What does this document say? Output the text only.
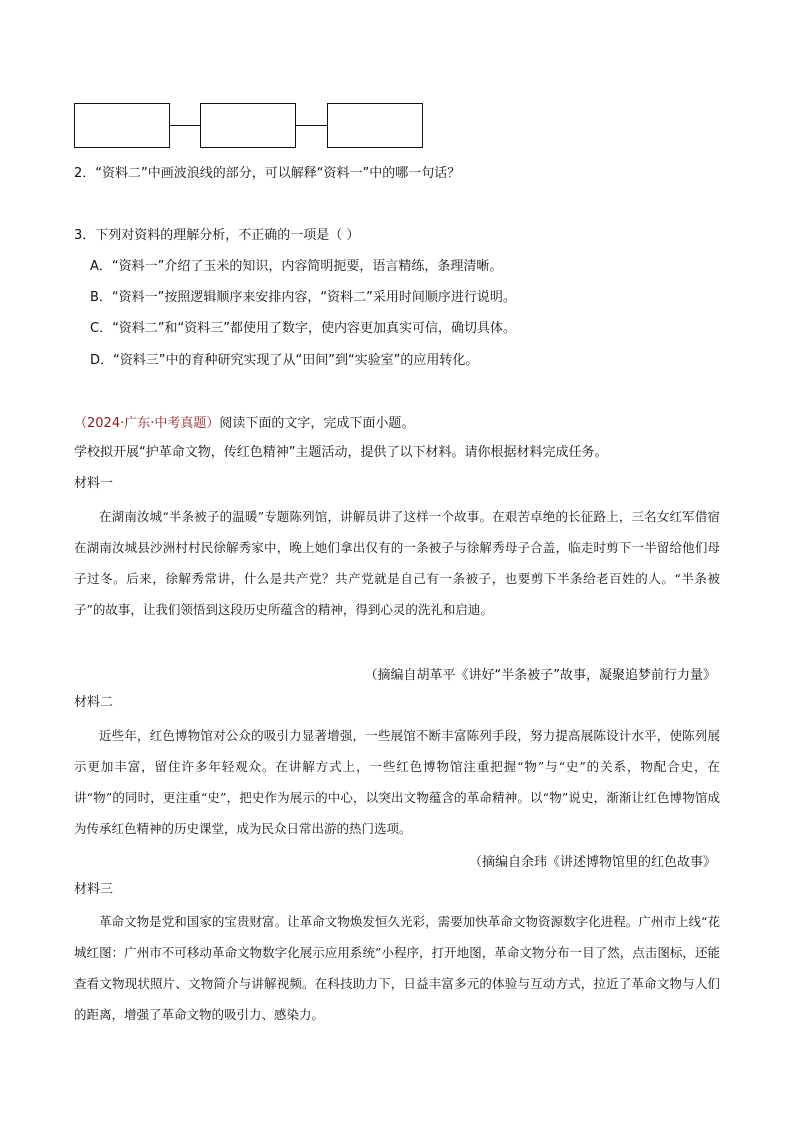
2．“资料二”中画波浪线的部分，可以解释“资料一”中的哪一句话？
3．下列对资料的理解分析，不正确的一项是（ ）
A．“资料一”介绍了玉米的知识，内容简明扼要，语言精练，条理清晰。
B．“资料一”按照逻辑顺序来安排内容，“资料二”采用时间顺序进行说明。
C．“资料二”和“资料三”都使用了数字，使内容更加真实可信，确切具体。
D．“资料三”中的育种研究实现了从“田间”到“实验室”的应用转化。
（2024·广东·中考真题）阅读下面的文字，完成下面小题。
学校拟开展“护革命文物，传红色精神”主题活动，提供了以下材料。请你根据材料完成任务。
材料一
在湖南汝城“半条被子的温暖”专题陈列馆，讲解员讲了这样一个故事。在艰苦卓绝的长征路上，三名女红军借宿在湖南汝城县沙洲村村民徐解秀家中，晚上她们拿出仅有的一条被子与徐解秀母子合盖，临走时剪下一半留给他们母子过冬。后来，徐解秀常讲，什么是共产党？共产党就是自己有一条被子，也要剪下半条给老百姓的人。“半条被子”的故事，让我们领悟到这段历史所蕴含的精神，得到心灵的洗礼和启迪。
（摘编自胡革平《讲好“半条被子”故事，凝聚追梦前行力量》
材料二
近些年，红色博物馆对公众的吸引力显著增强，一些展馆不断丰富陈列手段，努力提高展陈设计水平，使陈列展示更加丰富，留住许多年轻观众。在讲解方式上，一些红色博物馆注重把握“物”与“史”的关系，物配合史，在讲“物”的同时，更注重“史”，把史作为展示的中心，以突出文物蕴含的革命精神。以“物”说史，渐渐让红色博物馆成为传承红色精神的历史课堂，成为民众日常出游的热门选项。
（摘编自余玮《讲述博物馆里的红色故事》
材料三
革命文物是党和国家的宝贵财富。让革命文物焕发恒久光彩，需要加快革命文物资源数字化进程。广州市上线“花城红图：广州市不可移动革命文物数字化展示应用系统”小程序，打开地图，革命文物分布一目了然，点击图标，还能查看文物现状照片、文物简介与讲解视频。在科技助力下，日益丰富多元的体验与互动方式，拉近了革命文物与人们的距离，增强了革命文物的吸引力、感染力。
